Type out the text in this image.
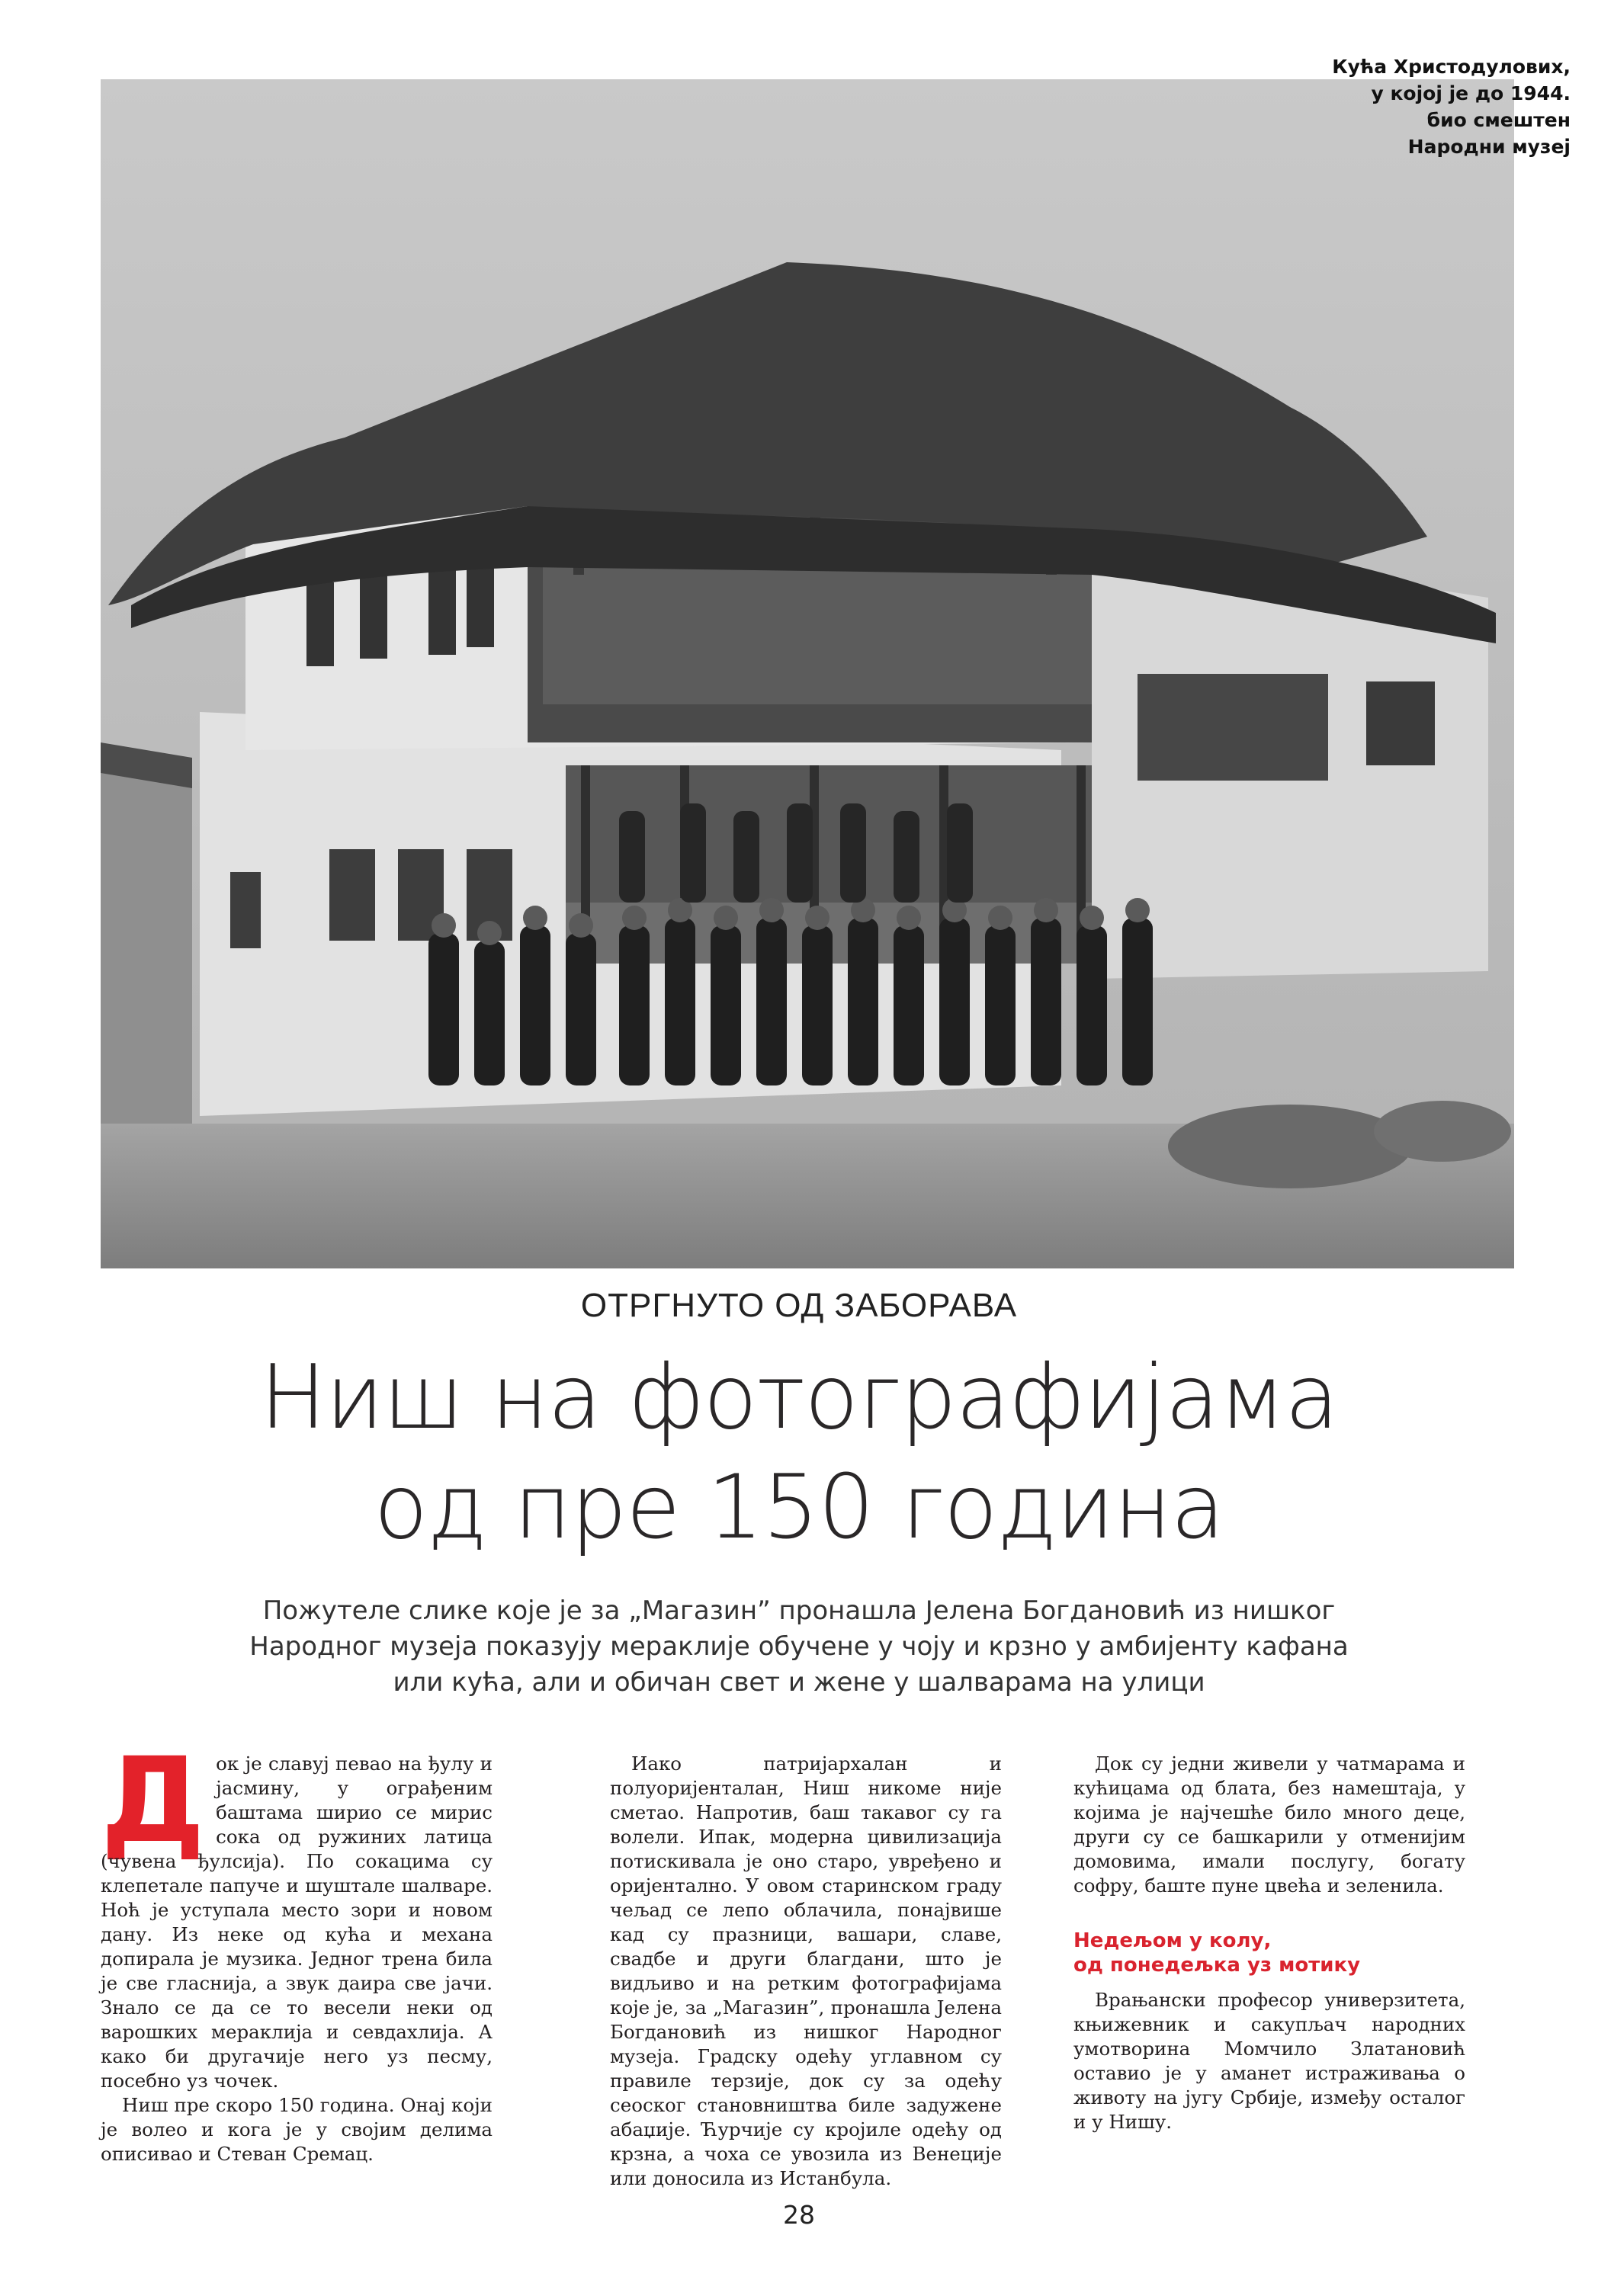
Кућа Христодулових,
у којој је до 1944.
био смештен
Народни музеј
ОТРГНУТО ОД ЗАБОРАВА
Ниш на фотографијама
од пре 150 година
Пожутеле слике које је за „Магазин” пронашла Јелена Богдановић из нишког
Народног музеја показују мераклије обучене у чоју и крзно у амбијенту кафана
или кућа, али и обичан свет и жене у шалварама на улици
Д ок је славуј певао на ђулу и јасмину, у ограђеним баштама ширио се мирис сока од ружиних латица (чувена ђулсија). По сокацима су клепетале папуче и шуштале шалваре. Ноћ је уступала место зори и новом дану. Из неке од кућа и механа допирала је музика. Једног трена била је све гласнија, а звук даира све јачи. Знало се да се то весели неки од варошких мераклија и севдахлија. А како би другачије него уз песму, посебно уз чочек.

Ниш пре скоро 150 година. Онај који је волео и кога је у својим делима описивао и Стеван Сремац.

Иако патријархалан и полуоријенталан, Ниш никоме није сметао. Напротив, баш такавог су га волели. Ипак, модерна цивилизација потискивала је оно старо, увређено и оријентално. У овом старинском граду чељад се лепо облачила, понајвише кад су празници, вашари, славе, свадбе и други благдани, што је видљиво и на ретким фотографијама које је, за „Магазин”, пронашла Јелена Богдановић из нишког Народног музеја. Градску одећу углавном су правиле терзије, док су за одећу сеоског становништва биле задужене абаџије. Ћурчије су кројиле одећу од крзна, а чоха се увозила из Венеције или доносила из Истанбула.

Док су једни живели у чатмарама и кућицама од блата, без намештаја, у којима је најчешће било много деце, други су се башкарили у отменијим домовима, имали послугу, богату софру, баште пуне цвећа и зеленила.

Недељом у колу,
од понедељка уз мотику

Врањански професор универзитета, књижевник и сакупљач народних умотворина Момчило Златановић оставио је у аманет истраживања о животу на југу Србије, између осталог и у Нишу.

28
